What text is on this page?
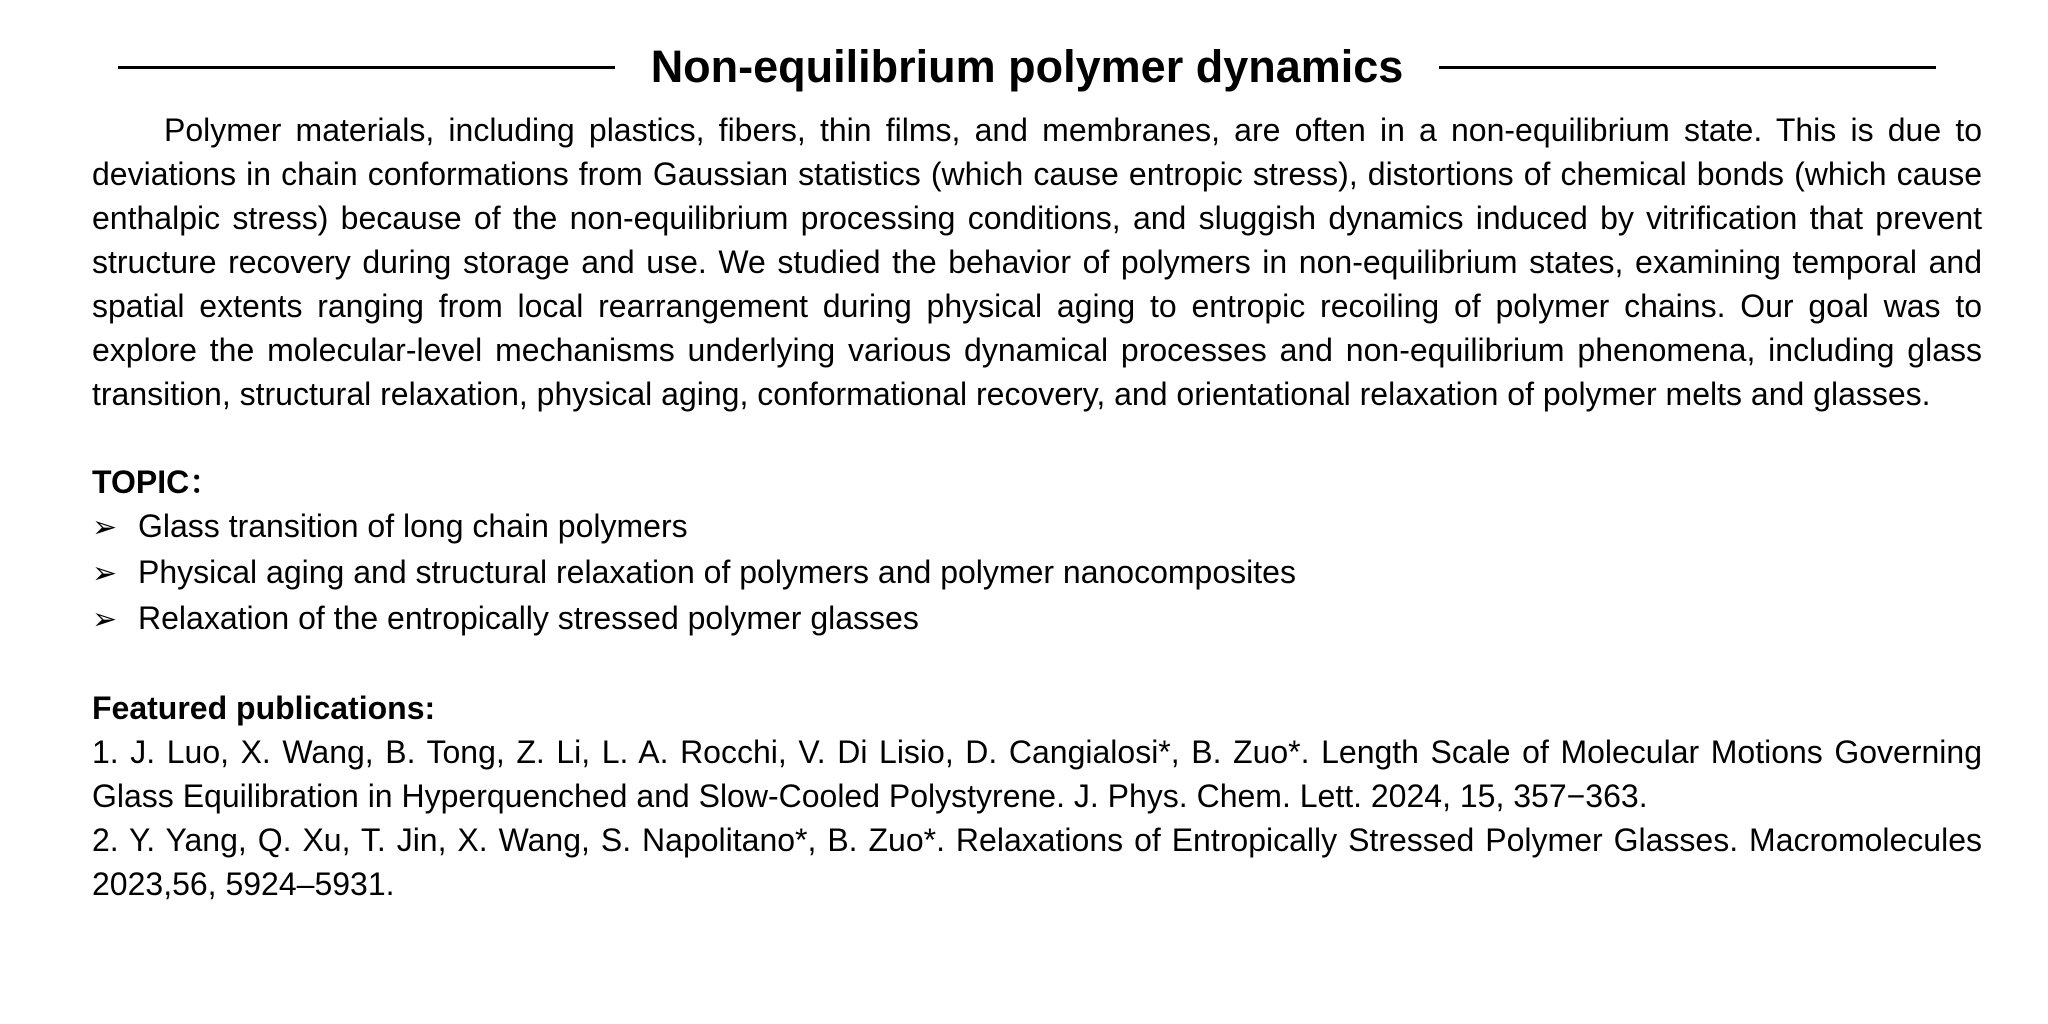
Non-equilibrium polymer dynamics

Polymer materials, including plastics, fibers, thin films, and membranes, are often in a non-equilibrium state. This is due to deviations in chain conformations from Gaussian statistics (which cause entropic stress), distortions of chemical bonds (which cause enthalpic stress) because of the non-equilibrium processing conditions, and sluggish dynamics induced by vitrification that prevent structure recovery during storage and use. We studied the behavior of polymers in non-equilibrium states, examining temporal and spatial extents ranging from local rearrangement during physical aging to entropic recoiling of polymer chains. Our goal was to explore the molecular-level mechanisms underlying various dynamical processes and non-equilibrium phenomena, including glass transition, structural relaxation, physical aging, conformational recovery, and orientational relaxation of polymer melts and glasses.

TOPIC：
➢ Glass transition of long chain polymers
➢ Physical aging and structural relaxation of polymers and polymer nanocomposites
➢ Relaxation of the entropically stressed polymer glasses
Featured publications:

1. J. Luo, X. Wang, B. Tong, Z. Li, L. A. Rocchi, V. Di Lisio, D. Cangialosi*, B. Zuo*. Length Scale of Molecular Motions Governing Glass Equilibration in Hyperquenched and Slow-Cooled Polystyrene. J. Phys. Chem. Lett. 2024, 15, 357−363.

2. Y. Yang, Q. Xu, T. Jin, X. Wang, S. Napolitano*, B. Zuo*. Relaxations of Entropically Stressed Polymer Glasses. Macromolecules 2023,56, 5924–5931.
